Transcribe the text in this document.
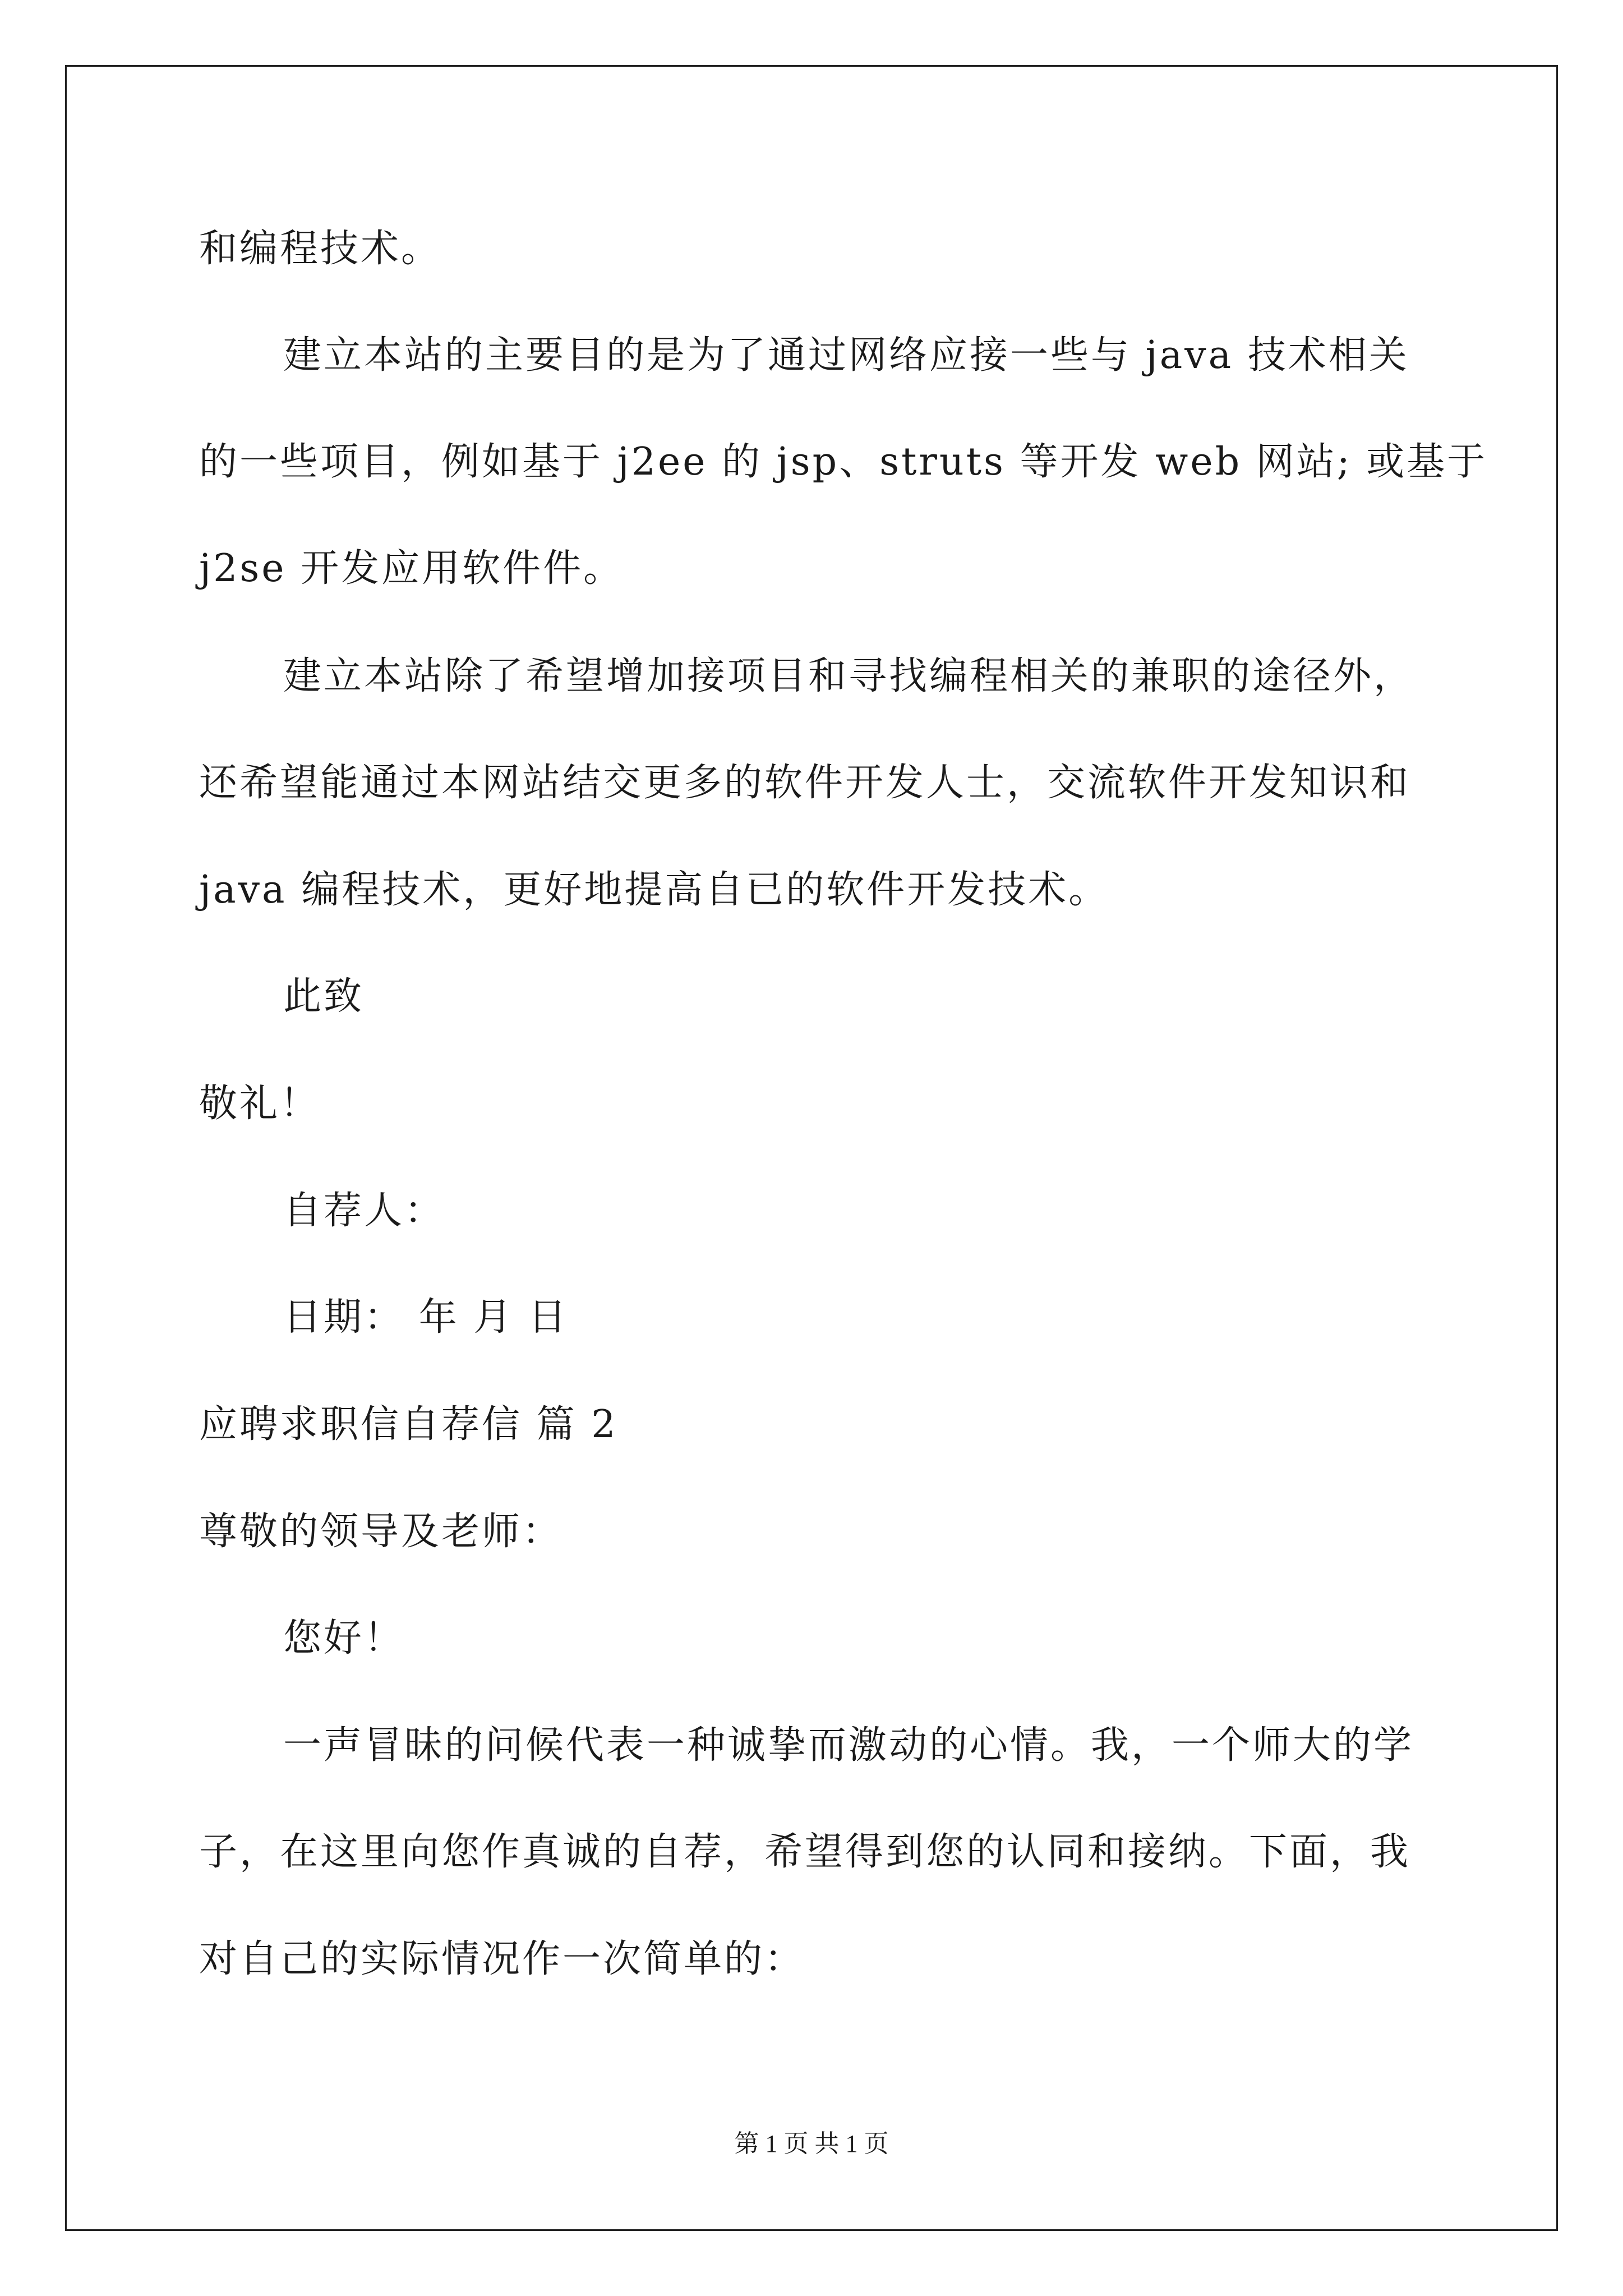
和编程技术。
建立本站的主要目的是为了通过网络应接一些与 java 技术相关
的一些项目，例如基于 j2ee 的 jsp、struts 等开发 web 网站; 或基于
j2se 开发应用软件件。
建立本站除了希望增加接项目和寻找编程相关的兼职的途径外，
还希望能通过本网站结交更多的软件开发人士，交流软件开发知识和
java 编程技术，更好地提高自已的软件开发技术。
此致
敬礼！
自荐人：
日期： 年 月 日
应聘求职信自荐信 篇 2
尊敬的领导及老师：
您好！
一声冒昧的问候代表一种诚挚而激动的心情。我，一个师大的学
子，在这里向您作真诚的自荐，希望得到您的认同和接纳。下面，我
对自己的实际情况作一次简单的：
第 1 页 共 1 页
